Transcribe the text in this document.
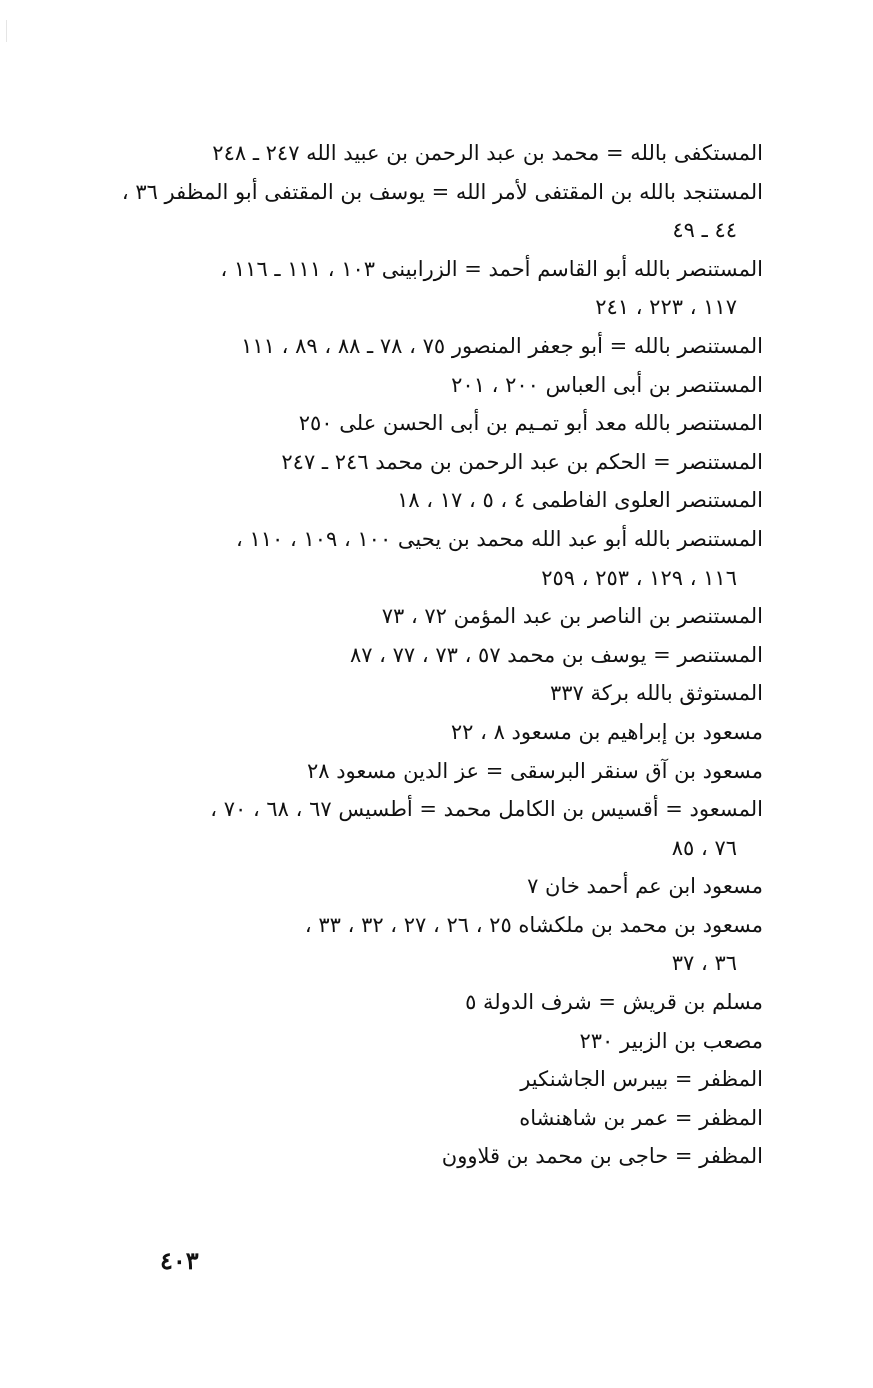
المستكفى بالله = محمد بن عبد الرحمن بن عبيد الله ٢٤٧ ـ ٢٤٨
المستنجد بالله بن المقتفى لأمر الله = يوسف بن المقتفى أبو المظفر ٣٦ ،
٤٤ ـ ٤٩
المستنصر بالله أبو القاسم أحمد = الزرابينى ١٠٣ ، ١١١ ـ ١١٦ ،
١١٧ ، ٢٢٣ ، ٢٤١
المستنصر بالله = أبو جعفر المنصور ٧٥ ، ٧٨ ـ ٨٨ ، ٨٩ ، ١١١
المستنصر بن أبى العباس ٢٠٠ ، ٢٠١
المستنصر بالله معد أبو تمـيم بن أبى الحسن على ٢٥٠
المستنصر = الحكم بن عبد الرحمن بن محمد ٢٤٦ ـ ٢٤٧
المستنصر العلوى الفاطمى ٤ ، ٥ ، ١٧ ، ١٨
المستنصر بالله أبو عبد الله محمد بن يحيى ١٠٠ ، ١٠٩ ، ١١٠ ،
١١٦ ، ١٢٩ ، ٢٥٣ ، ٢٥٩
المستنصر بن الناصر بن عبد المؤمن ٧٢ ، ٧٣
المستنصر = يوسف بن محمد ٥٧ ، ٧٣ ، ٧٧ ، ٨٧
المستوثق بالله بركة ٣٣٧
مسعود بن إبراهيم بن مسعود ٨ ، ٢٢
مسعود بن آق سنقر البرسقى = عز الدين مسعود ٢٨
المسعود = أقسيس بن الكامل محمد = أطسيس ٦٧ ، ٦٨ ، ٧٠ ،
٧٦ ، ٨٥
مسعود ابن عم أحمد خان ٧
مسعود بن محمد بن ملكشاه ٢٥ ، ٢٦ ، ٢٧ ، ٣٢ ، ٣٣ ،
٣٦ ، ٣٧
مسلم بن قريش = شرف الدولة ٥
مصعب بن الزبير ٢٣٠
المظفر = بيبرس الجاشنكير
المظفر = عمر بن شاهنشاه
المظفر = حاجى بن محمد بن قلاوون
٤٠٣
